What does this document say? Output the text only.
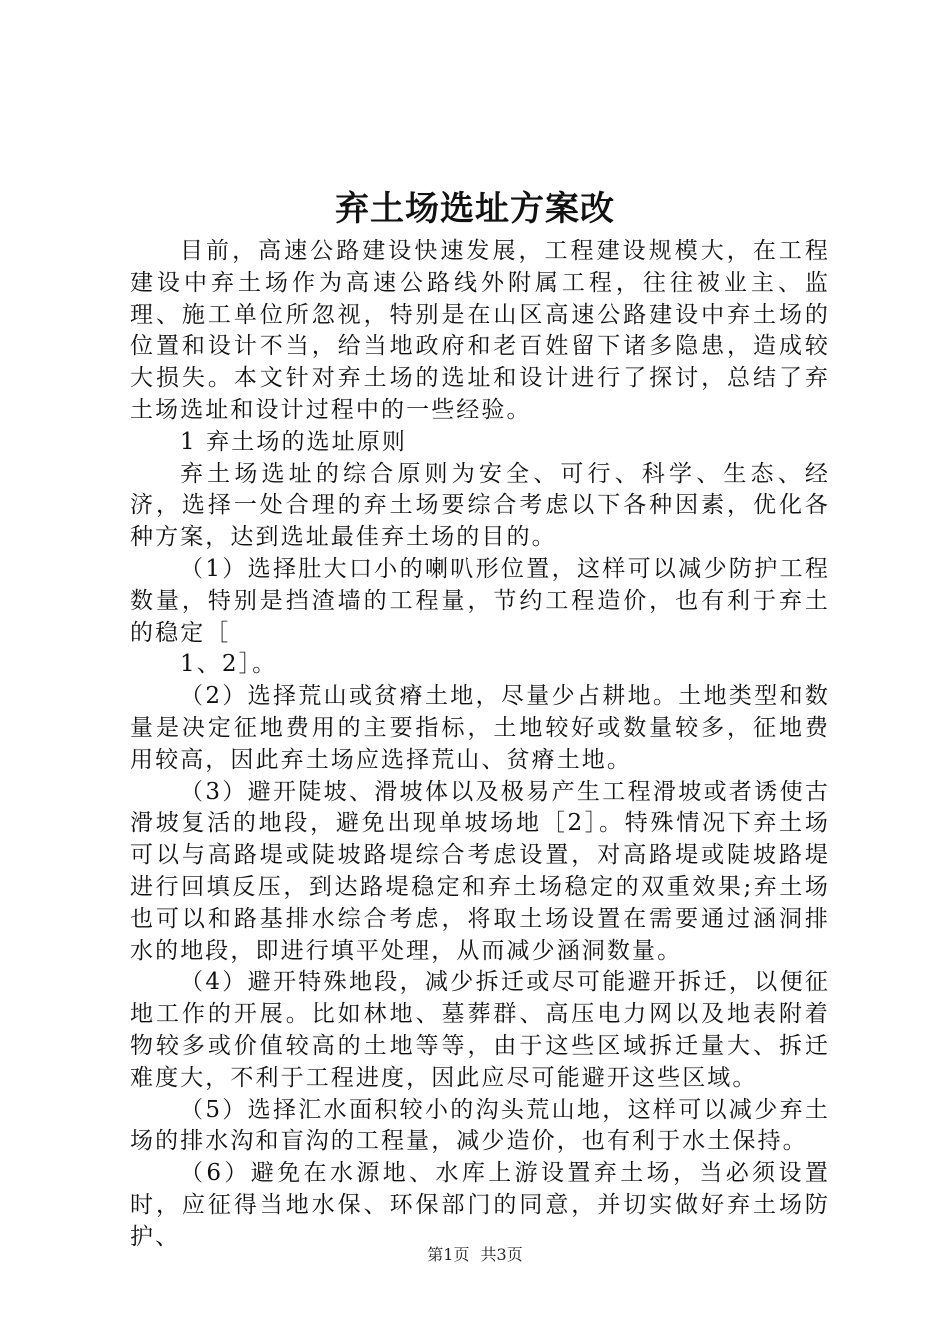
弃土场选址方案改

目前，高速公路建设快速发展，工程建设规模大，在工程建设中弃土场作为高速公路线外附属工程，往往被业主、监理、施工单位所忽视，特别是在山区高速公路建设中弃土场的位置和设计不当，给当地政府和老百姓留下诸多隐患，造成较大损失。本文针对弃土场的选址和设计进行了探讨，总结了弃土场选址和设计过程中的一些经验。

1 弃土场的选址原则

弃土场选址的综合原则为安全、可行、科学、生态、经济，选择一处合理的弃土场要综合考虑以下各种因素，优化各种方案，达到选址最佳弃土场的目的。

（1）选择肚大口小的喇叭形位置，这样可以减少防护工程数量，特别是挡渣墙的工程量，节约工程造价，也有利于弃土的稳定［

1、2］。

（2）选择荒山或贫瘠土地，尽量少占耕地。土地类型和数量是决定征地费用的主要指标，土地较好或数量较多，征地费用较高，因此弃土场应选择荒山、贫瘠土地。

（3）避开陡坡、滑坡体以及极易产生工程滑坡或者诱使古滑坡复活的地段，避免出现单坡场地［2］。特殊情况下弃土场可以与高路堤或陡坡路堤综合考虑设置，对高路堤或陡坡路堤进行回填反压，到达路堤稳定和弃土场稳定的双重效果;弃土场也可以和路基排水综合考虑，将取土场设置在需要通过涵洞排水的地段，即进行填平处理，从而减少涵洞数量。

（4）避开特殊地段，减少拆迁或尽可能避开拆迁，以便征地工作的开展。比如林地、墓葬群、高压电力网以及地表附着物较多或价值较高的土地等等，由于这些区域拆迁量大、拆迁难度大，不利于工程进度，因此应尽可能避开这些区域。

（5）选择汇水面积较小的沟头荒山地，这样可以减少弃土场的排水沟和盲沟的工程量，减少造价，也有利于水土保持。

（6）避免在水源地、水库上游设置弃土场，当必须设置时，应征得当地水保、环保部门的同意，并切实做好弃土场防护、

第1页 共3页
